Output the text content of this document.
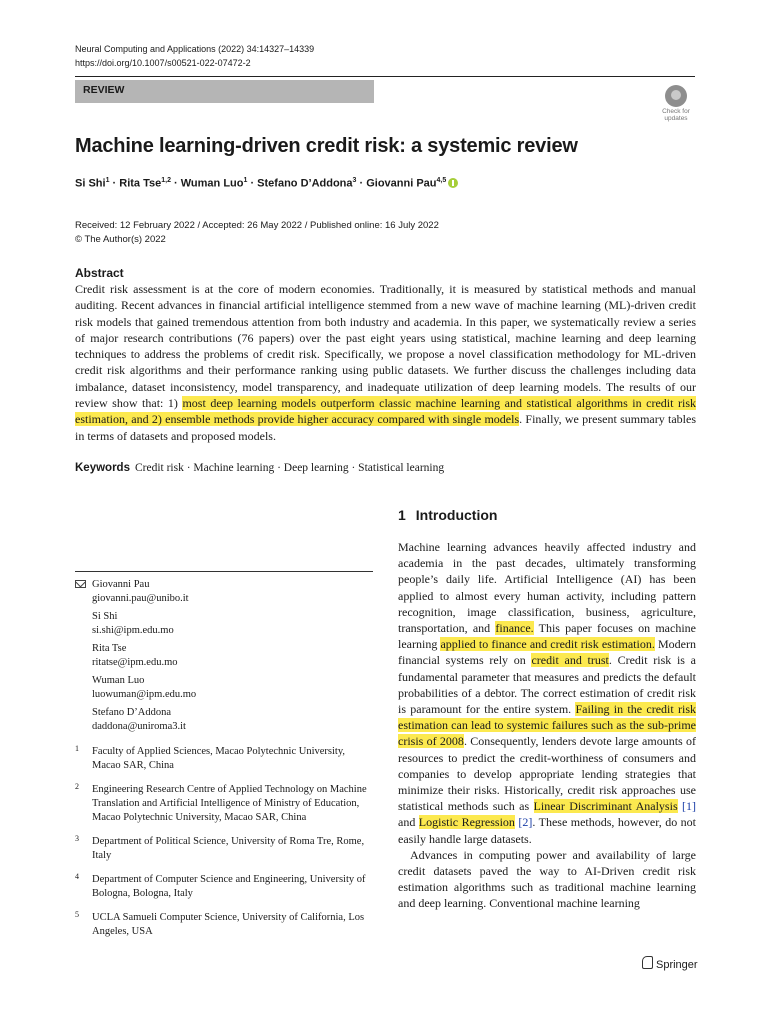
Neural Computing and Applications (2022) 34:14327–14339
https://doi.org/10.1007/s00521-022-07472-2
REVIEW
Check for
updates
Machine learning-driven credit risk: a systemic review
Si Shi$^1$ · Rita Tse$^{1,2}$ · Wuman Luo$^1$ · Stefano D’Addona$^3$ · Giovanni Pau$^{4,5}$
Received: 12 February 2022 / Accepted: 26 May 2022 / Published online: 16 July 2022
© The Author(s) 2022
Abstract
Credit risk assessment is at the core of modern economies. Traditionally, it is measured by statistical methods and manual auditing. Recent advances in financial artificial intelligence stemmed from a new wave of machine learning (ML)-driven credit risk models that gained tremendous attention from both industry and academia. In this paper, we systematically review a series of major research contributions (76 papers) over the past eight years using statistical, machine learning and deep learning techniques to address the problems of credit risk. Specifically, we propose a novel classification methodology for ML-driven credit risk algorithms and their performance ranking using public datasets. We further discuss the challenges including data imbalance, dataset inconsistency, model transparency, and inadequate utilization of deep learning models. The results of our review show that: 1) most deep learning models outperform classic machine learning and statistical algorithms in credit risk estimation, and 2) ensemble methods provide higher accuracy compared with single models. Finally, we present summary tables in terms of datasets and proposed models.
Keywords Credit risk · Machine learning · Deep learning · Statistical learning
1 Introduction

Machine learning advances heavily affected industry and academia in the past decades, ultimately transforming people’s daily life. Artificial Intelligence (AI) has been applied to almost every human activity, including pattern recognition, image classification, business, agriculture, transportation, and finance. This paper focuses on machine learning applied to finance and credit risk estimation. Modern financial systems rely on credit and trust. Credit risk is a fundamental parameter that measures and predicts the default probabilities of a debtor. The correct estimation of credit risk is paramount for the entire system. Failing in the credit risk estimation can lead to systemic failures such as the sub-prime crisis of 2008. Consequently, lenders devote large amounts of resources to predict the credit-worthiness of consumers and companies to develop appropriate lending strategies that minimize their risks. Historically, credit risk approaches use statistical methods such as Linear Discriminant Analysis [1] and Logistic Regression [2]. These methods, however, do not easily handle large datasets.

Advances in computing power and availability of large credit datasets paved the way to AI-Driven credit risk estimation algorithms such as traditional machine learning and deep learning. Conventional machine learning

Giovanni Pau
giovanni.pau@unibo.it
Si Shi
si.shi@ipm.edu.mo
Rita Tse
ritatse@ipm.edu.mo
Wuman Luo
luowuman@ipm.edu.mo
Stefano D’Addona
daddona@uniroma3.it
1 Faculty of Applied Sciences, Macao Polytechnic University, Macao SAR, China
2 Engineering Research Centre of Applied Technology on Machine Translation and Artificial Intelligence of Ministry of Education, Macao Polytechnic University, Macao SAR, China
3 Department of Political Science, University of Roma Tre, Rome, Italy
4 Department of Computer Science and Engineering, University of Bologna, Bologna, Italy
5 UCLA Samueli Computer Science, University of California, Los Angeles, USA
Springer
